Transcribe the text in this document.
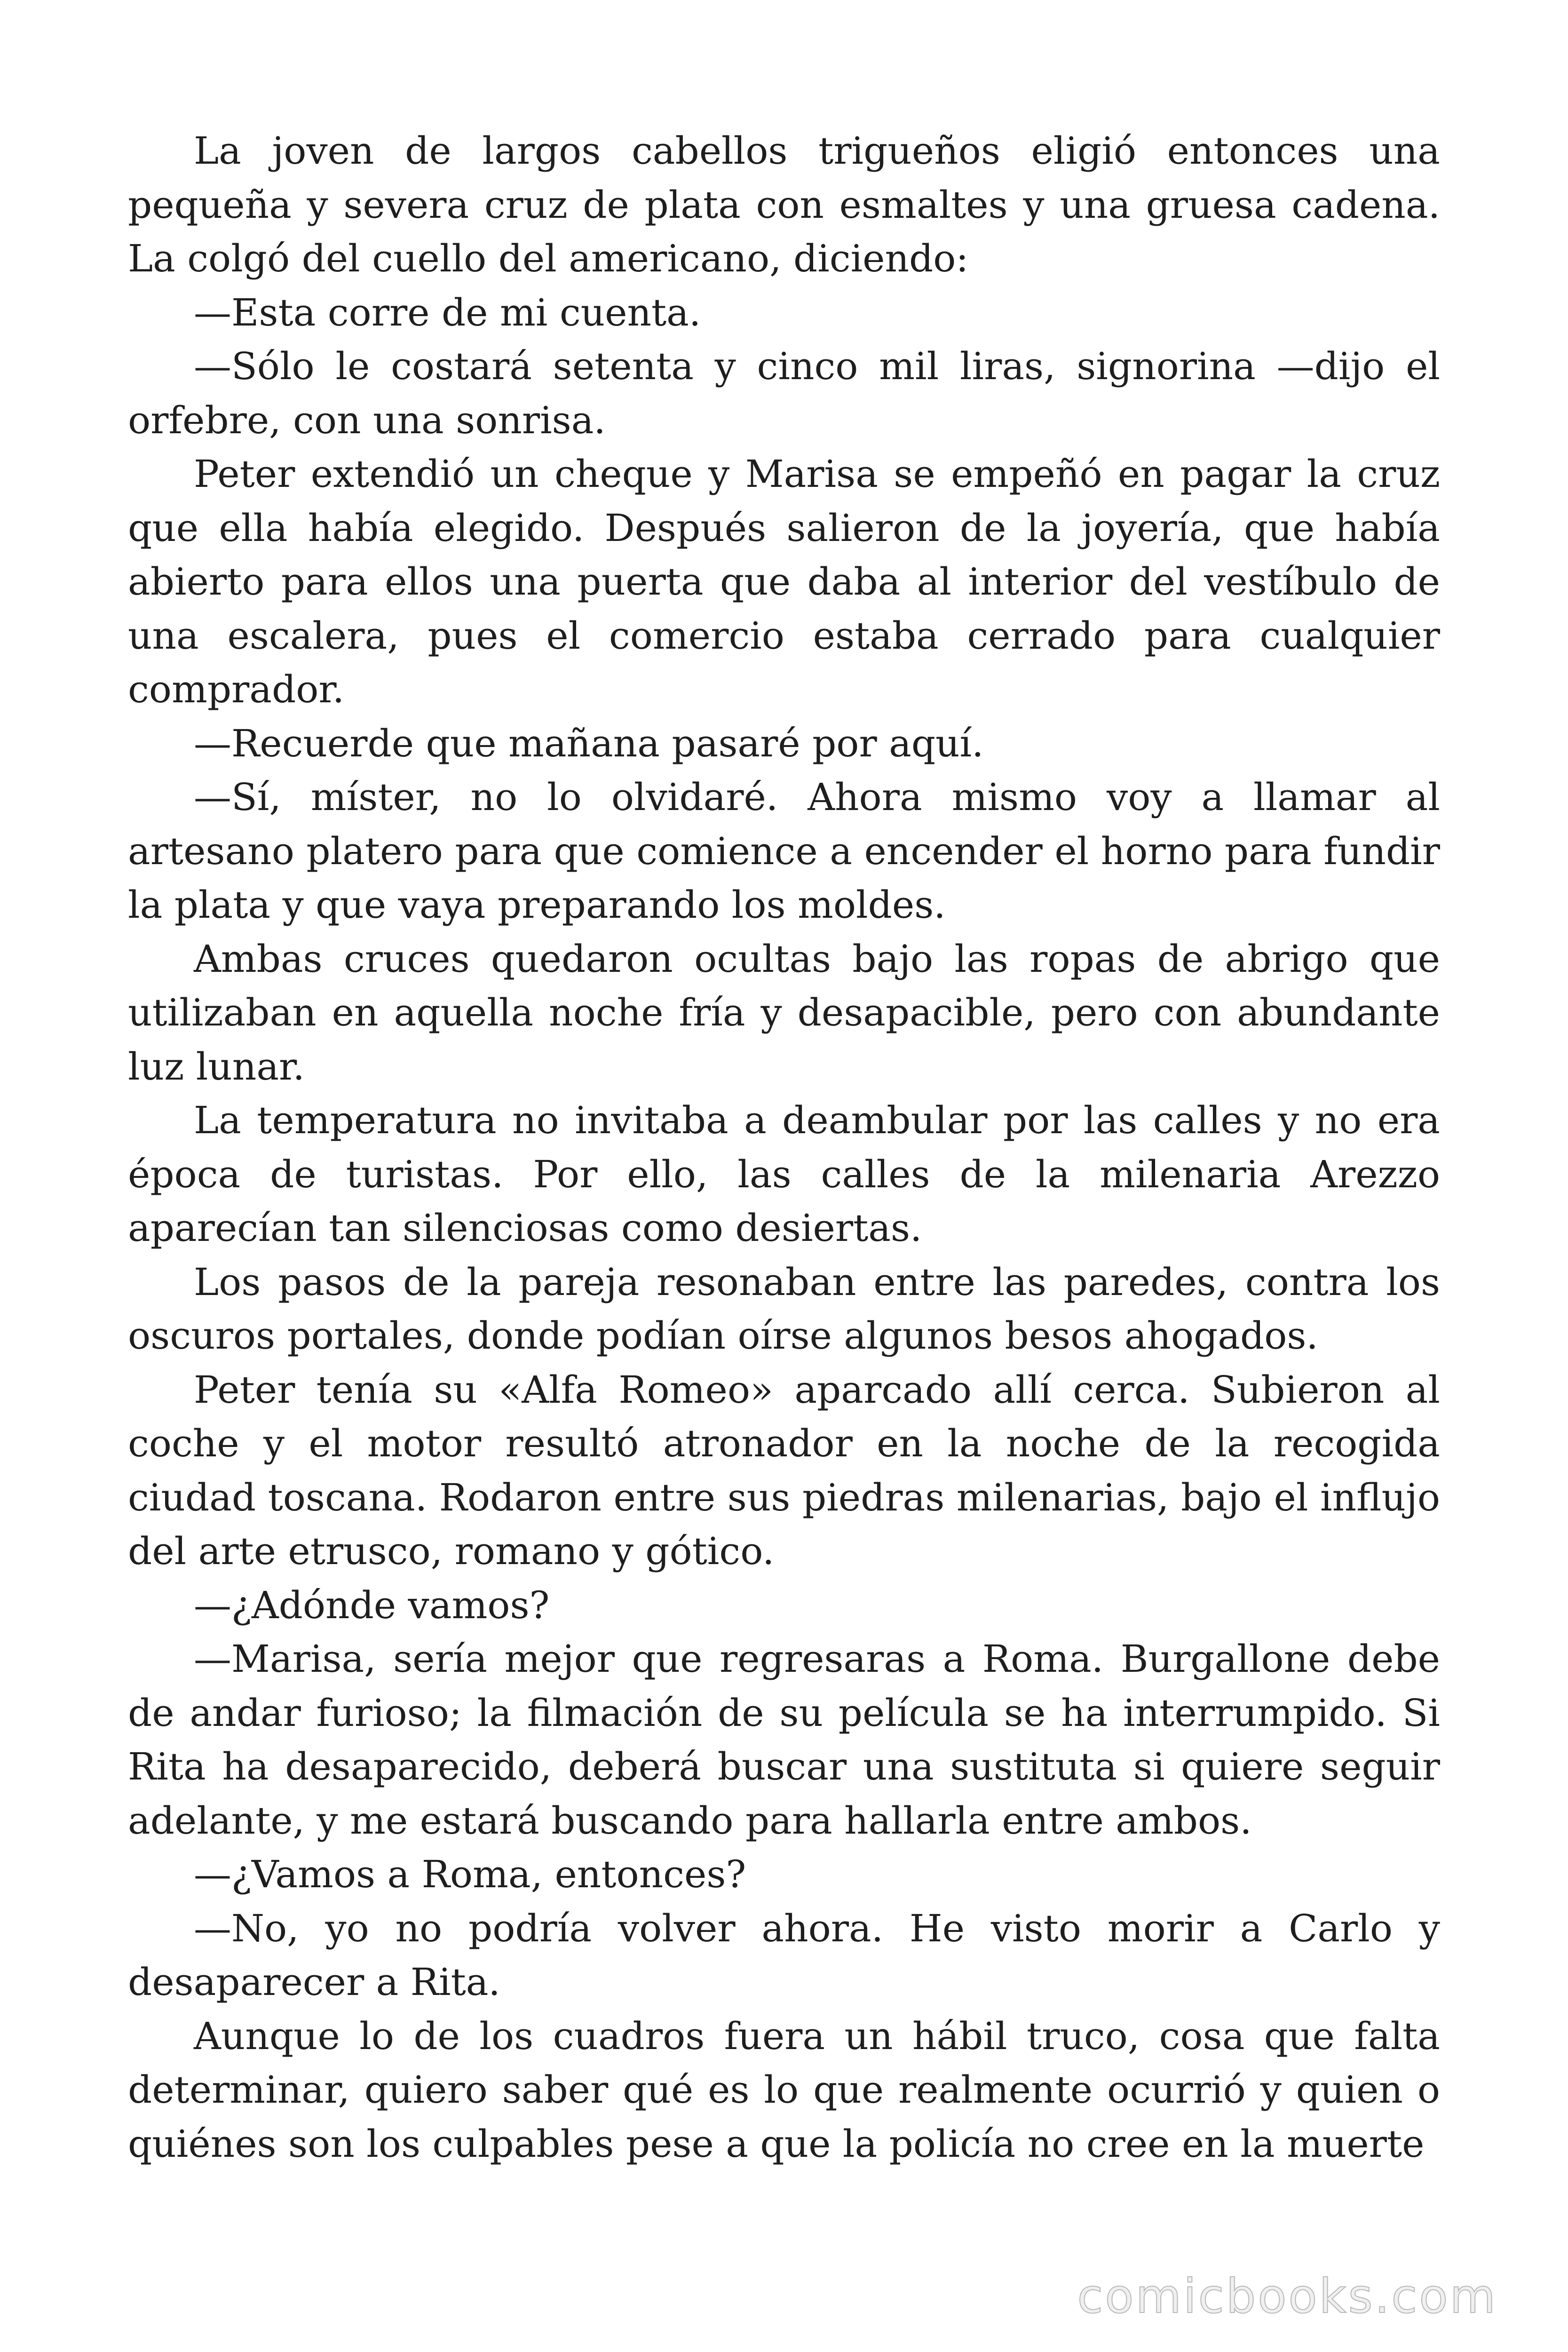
La joven de largos cabellos trigueños eligió entonces una pequeña y severa cruz de plata con esmaltes y una gruesa cadena. La colgó del cuello del americano, diciendo:

—Esta corre de mi cuenta.

—Sólo le costará setenta y cinco mil liras, signorina —dijo el orfebre, con una sonrisa.

Peter extendió un cheque y Marisa se empeñó en pagar la cruz que ella había elegido. Después salieron de la joyería, que había abierto para ellos una puerta que daba al interior del vestíbulo de una escalera, pues el comercio estaba cerrado para cualquier comprador.

—Recuerde que mañana pasaré por aquí.

—Sí, míster, no lo olvidaré. Ahora mismo voy a llamar al artesano platero para que comience a encender el horno para fundir la plata y que vaya preparando los moldes.

Ambas cruces quedaron ocultas bajo las ropas de abrigo que utilizaban en aquella noche fría y desapacible, pero con abundante luz lunar.

La temperatura no invitaba a deambular por las calles y no era época de turistas. Por ello, las calles de la milenaria Arezzo aparecían tan silenciosas como desiertas.

Los pasos de la pareja resonaban entre las paredes, contra los oscuros portales, donde podían oírse algunos besos ahogados.

Peter tenía su «Alfa Romeo» aparcado allí cerca. Subieron al coche y el motor resultó atronador en la noche de la recogida ciudad toscana. Rodaron entre sus piedras milenarias, bajo el influjo del arte etrusco, romano y gótico.

—¿Adónde vamos?

—Marisa, sería mejor que regresaras a Roma. Burgallone debe de andar furioso; la filmación de su película se ha interrumpido. Si Rita ha desaparecido, deberá buscar una sustituta si quiere seguir adelante, y me estará buscando para hallarla entre ambos.

—¿Vamos a Roma, entonces?

—No, yo no podría volver ahora. He visto morir a Carlo y desaparecer a Rita.

Aunque lo de los cuadros fuera un hábil truco, cosa que falta determinar, quiero saber qué es lo que realmente ocurrió y quien o quiénes son los culpables pese a que la policía no cree en la muerte

comicbooks.com
